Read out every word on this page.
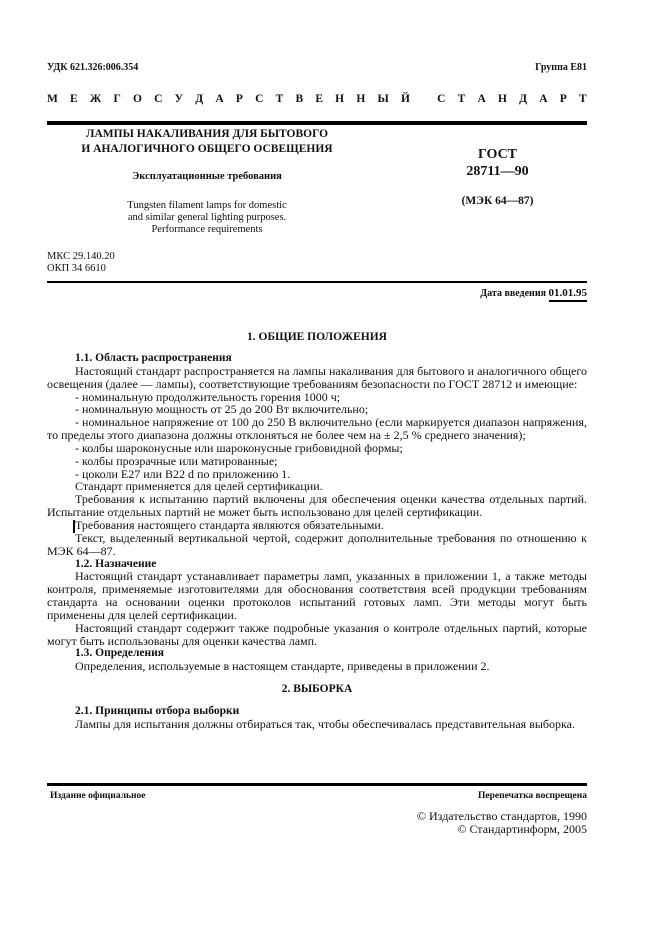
УДК 621.326:006.354	Группа Е81
М Е Ж Г О С У Д А Р С Т В Е Н Н Ы Й
С Т А Н Д А Р Т
ЛАМПЫ НАКАЛИВАНИЯ ДЛЯ БЫТОВОГО
И АНАЛОГИЧНОГО ОБЩЕГО ОСВЕЩЕНИЯ
Эксплуатационные требования
Tungsten filament lamps for domestic
and similar general lighting purposes.
Performance requirements
ГОСТ
28711—90
(МЭК 64—87)
МКС 29.140.20
ОКП 34 6610
Дата введения 01.01.95
1. ОБЩИЕ ПОЛОЖЕНИЯ

1.1. Область распространения

Настоящий стандарт распространяется на лампы накаливания для бытового и аналогичного общего освещения (далее — лампы), соответствующие требованиям безопасности по ГОСТ 28712 и имеющие:

- номинальную продолжительность горения 1000 ч;

- номинальную мощность от 25 до 200 Вт включительно;

- номинальное напряжение от 100 до 250 В включительно (если маркируется диапазон напряжения, то пределы этого диапазона должны отклоняться не более чем на ± 2,5 % среднего значения);

- колбы шароконусные или шароконусные грибовидной формы;

- колбы прозрачные или матированные;

- цоколи Е27 или В22 d по приложению 1.

Стандарт применяется для целей сертификации.

Требования к испытанию партий включены для обеспечения оценки качества отдельных партий. Испытание отдельных партий не может быть использовано для целей сертификации.

Требования настоящего стандарта являются обязательными.

Текст, выделенный вертикальной чертой, содержит дополнительные требования по отношению к МЭК 64—87.

1.2. Назначение

Настоящий стандарт устанавливает параметры ламп, указанных в приложении 1, а также методы контроля, применяемые изготовителями для обоснования соответствия всей продукции требованиям стандарта на основании оценки протоколов испытаний готовых ламп. Эти методы могут быть применены для целей сертификации.

Настоящий стандарт содержит также подробные указания о контроле отдельных партий, которые могут быть использованы для оценки качества ламп.

1.3. Определения

Определения, используемые в настоящем стандарте, приведены в приложении 2.

2. ВЫБОРКА

2.1. Принципы отбора выборки

Лампы для испытания должны отбираться так, чтобы обеспечивалась представительная выборка.

Издание официальное	Перепечатка воспрещена
© Издательство стандартов, 1990
© Стандартинформ, 2005
